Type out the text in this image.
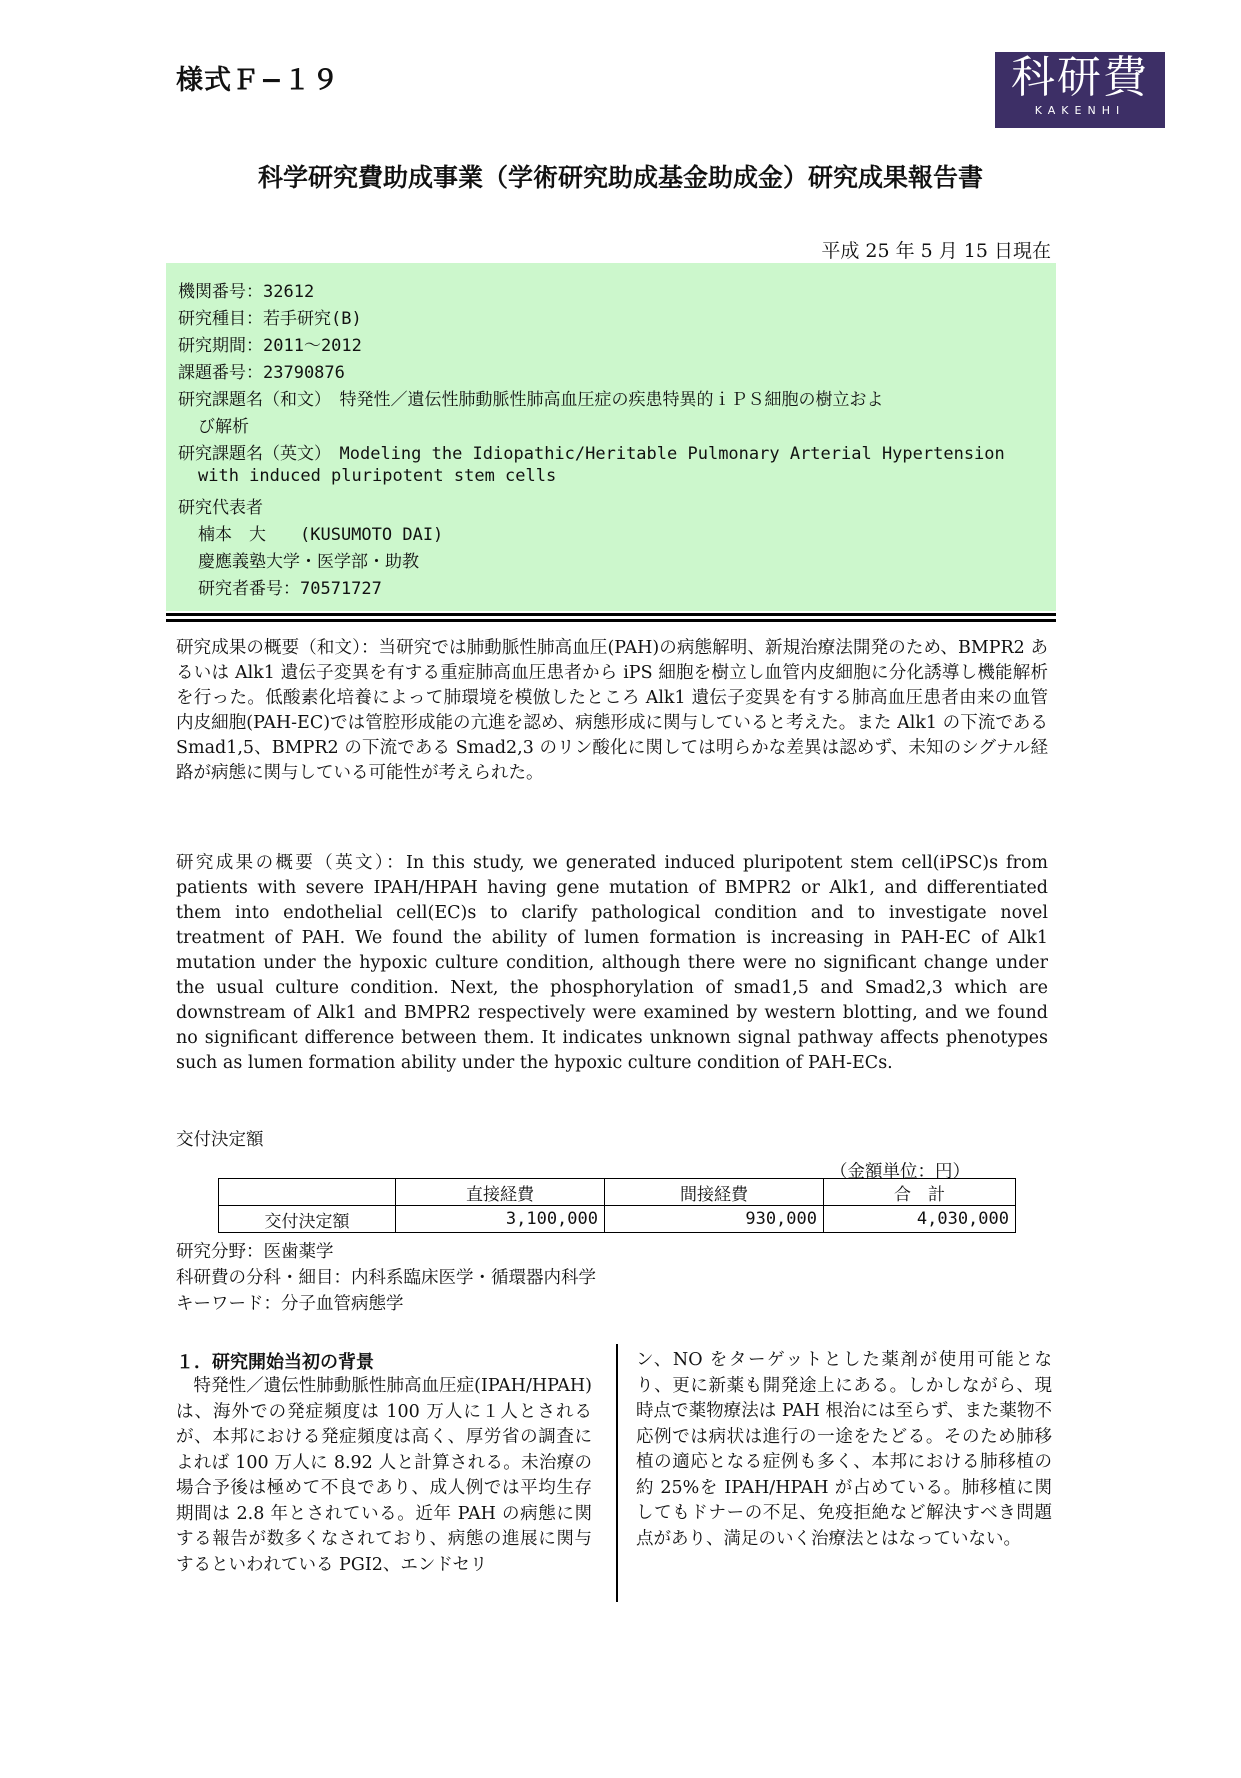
様式Ｆ−１９	科研費
KAKENHI
科学研究費助成事業（学術研究助成基金助成金）研究成果報告書
平成 25 年 5 月 15 日現在
機関番号：32612
研究種目：若手研究(B)
研究期間：2011～2012
課題番号：23790876
研究課題名（和文）　特発性／遺伝性肺動脈性肺高血圧症の疾患特異的ｉＰＳ細胞の樹立およ
び解析
研究課題名（英文）　Modeling the Idiopathic/Heritable Pulmonary Arterial Hypertension
with induced pluripotent stem cells
研究代表者
楠本　大　　(KUSUMOTO DAI)
慶應義塾大学・医学部・助教
研究者番号：70571727
研究成果の概要（和文）：当研究では肺動脈性肺高血圧(PAH)の病態解明、新規治療法開発のため、BMPR2 あるいは Alk1 遺伝子変異を有する重症肺高血圧患者から iPS 細胞を樹立し血管内皮細胞に分化誘導し機能解析を行った。低酸素化培養によって肺環境を模倣したところ Alk1 遺伝子変異を有する肺高血圧患者由来の血管内皮細胞(PAH-EC)では管腔形成能の亢進を認め、病態形成に関与していると考えた。また Alk1 の下流である Smad1,5、BMPR2 の下流である Smad2,3 のリン酸化に関しては明らかな差異は認めず、未知のシグナル経路が病態に関与している可能性が考えられた。
研究成果の概要（英文）：In this study, we generated induced pluripotent stem cell(iPSC)s from patients with severe IPAH/HPAH having gene mutation of BMPR2 or Alk1, and differentiated them into endothelial cell(EC)s to clarify pathological condition and to investigate novel treatment of PAH. We found the ability of lumen formation is increasing in PAH-EC of Alk1 mutation under the hypoxic culture condition, although there were no significant change under the usual culture condition. Next, the phosphorylation of smad1,5 and Smad2,3 which are downstream of Alk1 and BMPR2 respectively were examined by western blotting, and we found no significant difference between them. It indicates unknown signal pathway affects phenotypes such as lumen formation ability under the hypoxic culture condition of PAH-ECs.
交付決定額
（金額単位：円）
	直接経費	間接経費	合　計
交付決定額	3,100,000	930,000	4,030,000
研究分野：医歯薬学
科研費の分科・細目：内科系臨床医学・循環器内科学
キーワード：分子血管病態学
１．研究開始当初の背景
　特発性／遺伝性肺動脈性肺高血圧症(IPAH/HPAH)は、海外での発症頻度は 100 万人に１人とされるが、本邦における発症頻度は高く、厚労省の調査によれば 100 万人に 8.92 人と計算される。未治療の場合予後は極めて不良であり、成人例では平均生存期間は 2.8 年とされている。近年 PAH の病態に関する報告が数多くなされており、病態の進展に関与するといわれている PGI2、エンドセリ
ン、NO をターゲットとした薬剤が使用可能となり、更に新薬も開発途上にある。しかしながら、現時点で薬物療法は PAH 根治には至らず、また薬物不応例では病状は進行の一途をたどる。そのため肺移植の適応となる症例も多く、本邦における肺移植の約 25%を IPAH/HPAH が占めている。肺移植に関してもドナーの不足、免疫拒絶など解決すべき問題点があり、満足のいく治療法とはなっていない。
